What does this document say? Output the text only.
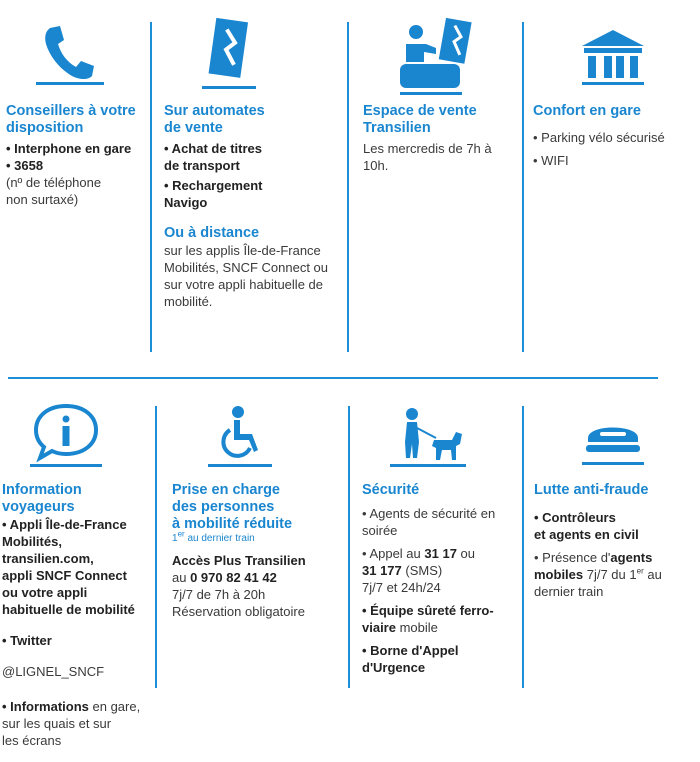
Conseillers à votre disposition
• Interphone en gare
• 3658
(nº de téléphone
non surtaxé)
Sur automates
de vente
• Achat de titres
de transport
• Rechargement
Navigo
Ou à distance
sur les applis Île-de-France
Mobilités, SNCF Connect ou
sur votre appli habituelle de
mobilité.
Espace de vente
Transilien
Les mercredis de 7h à
10h.
Confort en gare
• Parking vélo sécurisé
• WIFI
Information
voyageurs
• Appli Île-de-France
Mobilités,
transilien.com,
appli SNCF Connect
ou votre appli
habituelle de mobilité
• Twitter
@LIGNEL_SNCF
• Informations en gare,
sur les quais et sur
les écrans
Prise en charge
des personnes
à mobilité réduite
1er au dernier train
Accès Plus Transilien
au 0 970 82 41 42
7j/7 de 7h à 20h
Réservation obligatoire
Sécurité
• Agents de sécurité en
soirée
• Appel au 31 17 ou
31 177 (SMS)
7j/7 et 24h/24
• Équipe sûreté ferro-
viaire mobile
• Borne d'Appel
d'Urgence
Lutte anti-fraude
• Contrôleurs
et agents en civil
• Présence d'agents
mobiles 7j/7 du 1er au
dernier train
